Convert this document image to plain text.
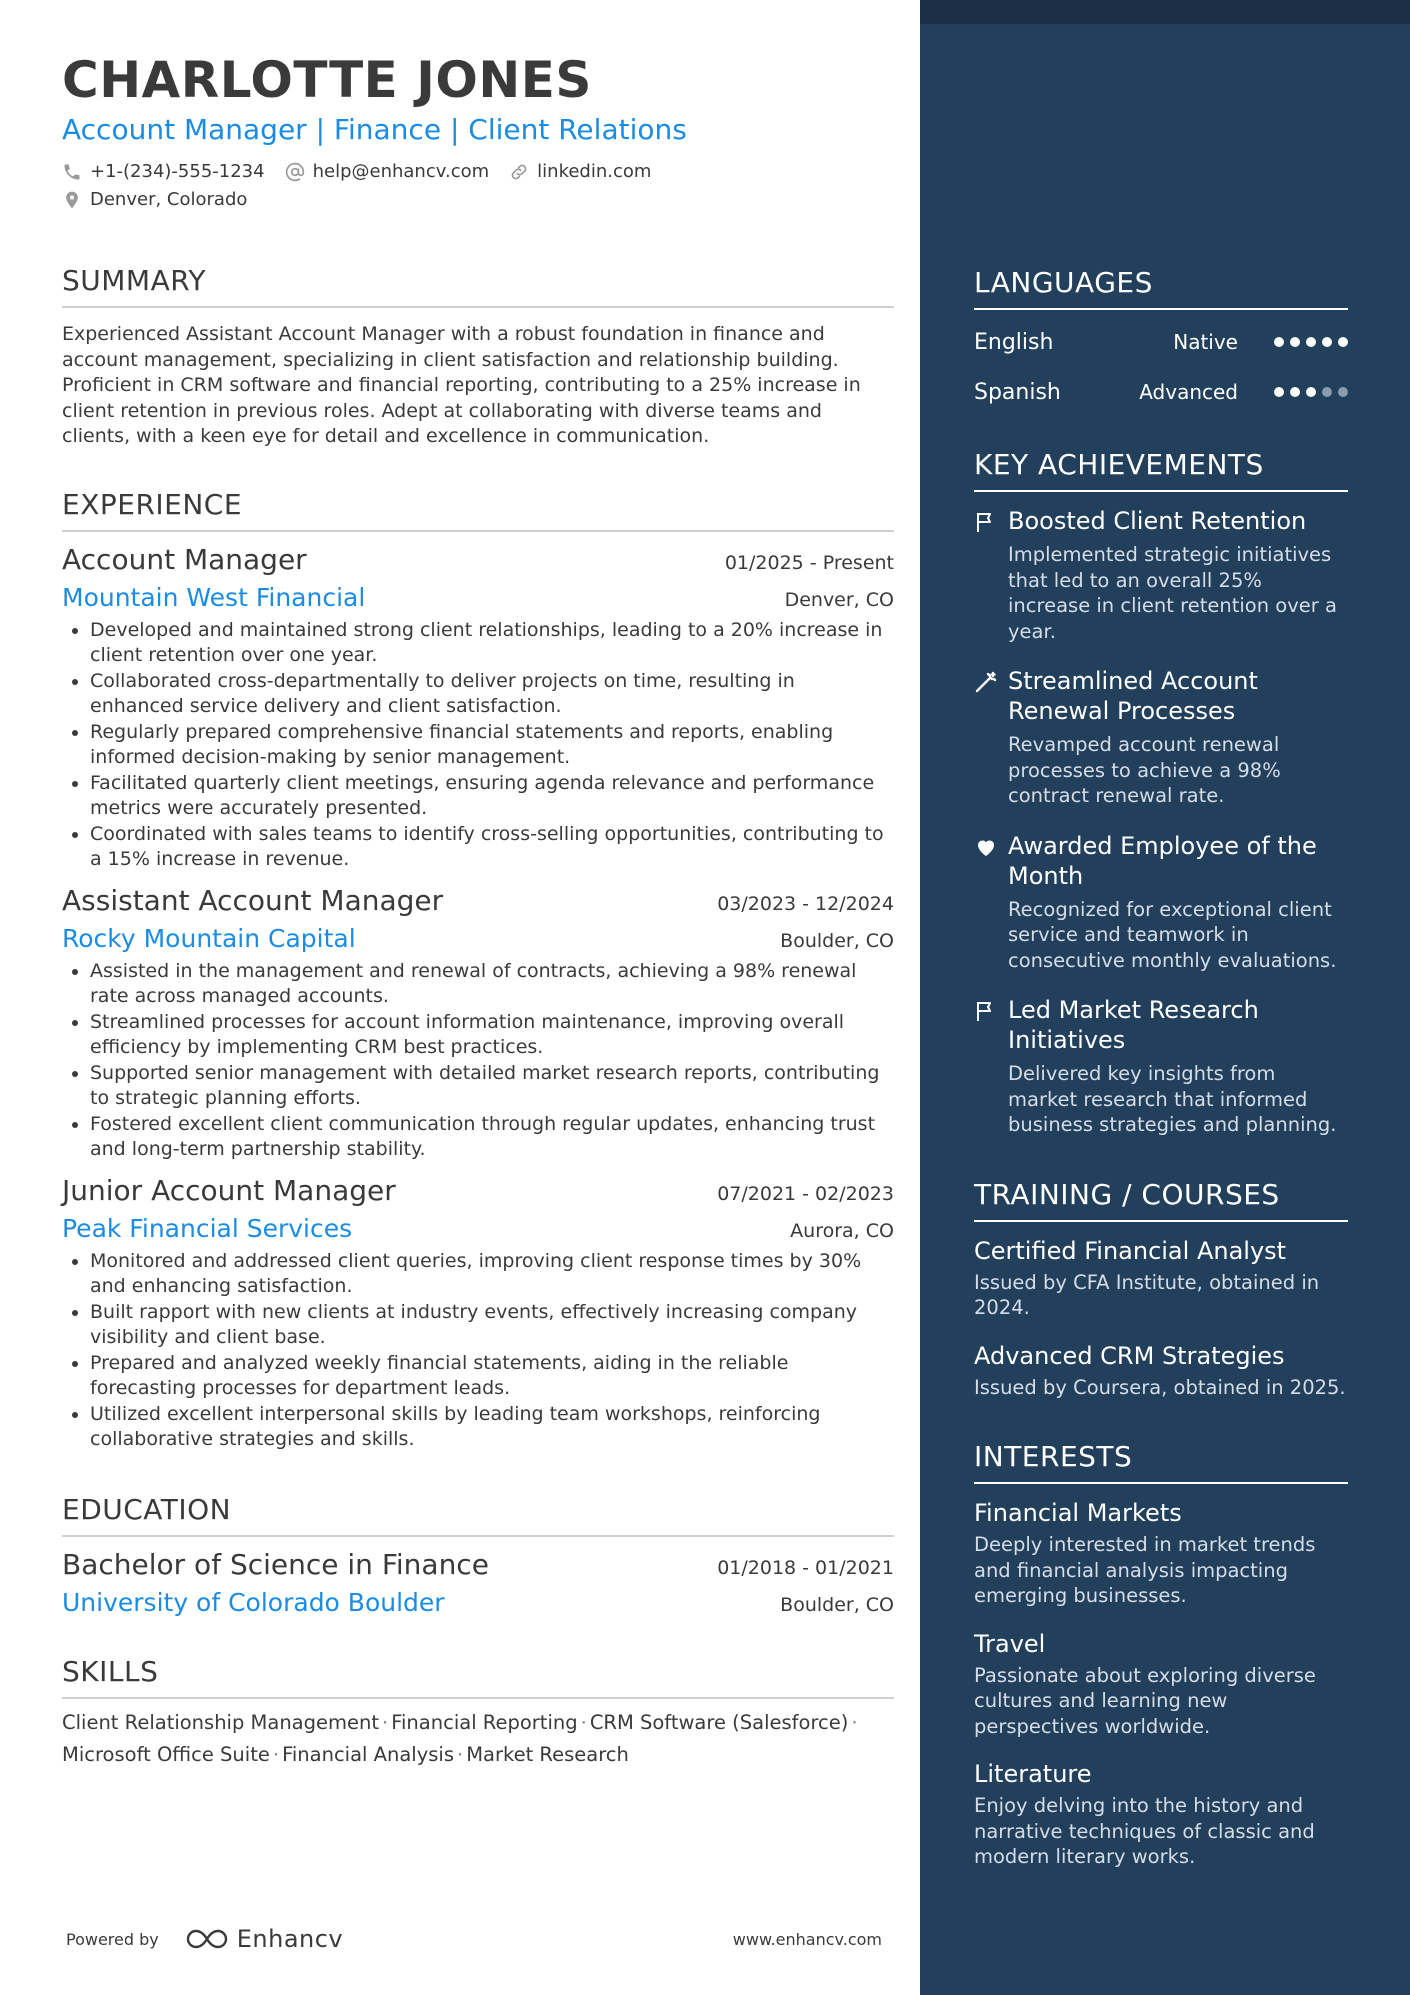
CHARLOTTE JONES
Account Manager | Finance | Client Relations
+1-(234)-555-1234	help@enhancv.com	linkedin.com
Denver, Colorado
SUMMARY
Experienced Assistant Account Manager with a robust foundation in finance and account management, specializing in client satisfaction and relationship building. Proficient in CRM software and financial reporting, contributing to a 25% increase in client retention in previous roles. Adept at collaborating with diverse teams and clients, with a keen eye for detail and excellence in communication.
EXPERIENCE
Account Manager	01/2025 - Present
Mountain West Financial	Denver, CO
• Developed and maintained strong client relationships, leading to a 20% increase in client retention over one year.
• Collaborated cross-departmentally to deliver projects on time, resulting in enhanced service delivery and client satisfaction.
• Regularly prepared comprehensive financial statements and reports, enabling informed decision-making by senior management.
• Facilitated quarterly client meetings, ensuring agenda relevance and performance metrics were accurately presented.
• Coordinated with sales teams to identify cross-selling opportunities, contributing to a 15% increase in revenue.
Assistant Account Manager	03/2023 - 12/2024
Rocky Mountain Capital	Boulder, CO
• Assisted in the management and renewal of contracts, achieving a 98% renewal rate across managed accounts.
• Streamlined processes for account information maintenance, improving overall efficiency by implementing CRM best practices.
• Supported senior management with detailed market research reports, contributing to strategic planning efforts.
• Fostered excellent client communication through regular updates, enhancing trust and long-term partnership stability.
Junior Account Manager	07/2021 - 02/2023
Peak Financial Services	Aurora, CO
• Monitored and addressed client queries, improving client response times by 30% and enhancing satisfaction.
• Built rapport with new clients at industry events, effectively increasing company visibility and client base.
• Prepared and analyzed weekly financial statements, aiding in the reliable forecasting processes for department leads.
• Utilized excellent interpersonal skills by leading team workshops, reinforcing collaborative strategies and skills.
EDUCATION
Bachelor of Science in Finance	01/2018 - 01/2021
University of Colorado Boulder	Boulder, CO
SKILLS
Client Relationship Management · Financial Reporting · CRM Software (Salesforce) ·
Microsoft Office Suite · Financial Analysis · Market Research
Powered by	Enhancv	www.enhancv.com
LANGUAGES
English	Native
Spanish	Advanced
KEY ACHIEVEMENTS
Boosted Client Retention
Implemented strategic initiatives that led to an overall 25% increase in client retention over a year.
Streamlined Account Renewal Processes
Revamped account renewal processes to achieve a 98% contract renewal rate.
Awarded Employee of the Month
Recognized for exceptional client service and teamwork in consecutive monthly evaluations.
Led Market Research Initiatives
Delivered key insights from market research that informed business strategies and planning.
TRAINING / COURSES
Certified Financial Analyst
Issued by CFA Institute, obtained in 2024.
Advanced CRM Strategies
Issued by Coursera, obtained in 2025.
INTERESTS
Financial Markets
Deeply interested in market trends and financial analysis impacting emerging businesses.
Travel
Passionate about exploring diverse cultures and learning new perspectives worldwide.
Literature
Enjoy delving into the history and narrative techniques of classic and modern literary works.
